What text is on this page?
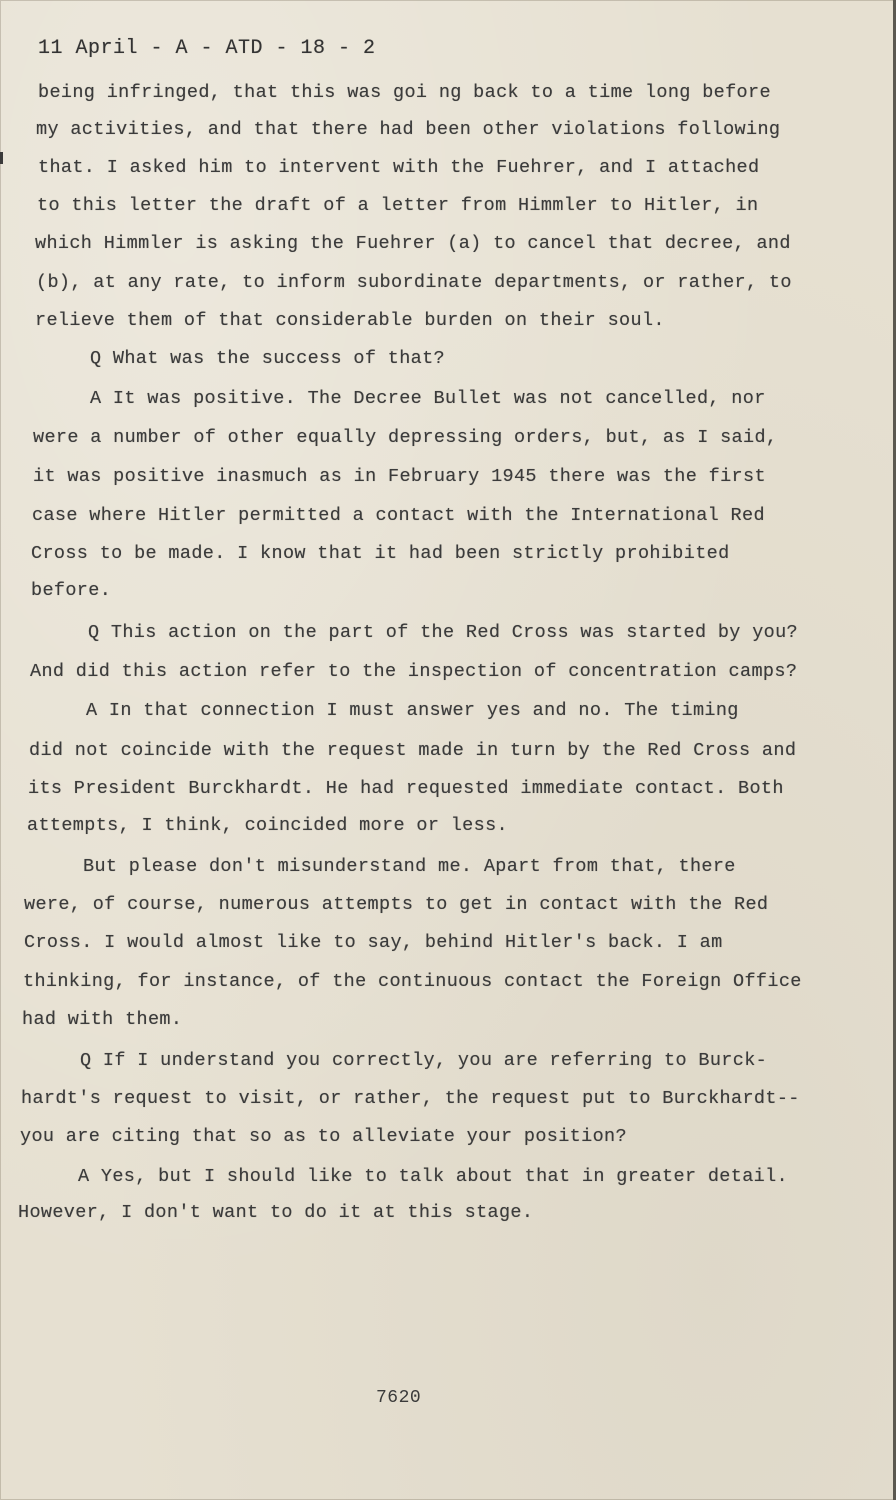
11 April - A - ATD - 18 - 2
being infringed, that this was goi ng back to a time long before
my activities, and that there had been other violations following
that. I asked him to intervent with the Fuehrer, and I attached
to this letter the draft of a letter from Himmler to Hitler, in
which Himmler is asking the Fuehrer (a) to cancel that decree, and
(b), at any rate, to inform subordinate departments, or rather, to
relieve them of that considerable burden on their soul.
Q What was the success of that?
A It was positive. The Decree Bullet was not cancelled, nor
were a number of other equally depressing orders, but, as I said,
it was positive inasmuch as in February 1945 there was the first
case where Hitler permitted a contact with the International Red
Cross to be made. I know that it had been strictly prohibited
before.
Q This action on the part of the Red Cross was started by you?
And did this action refer to the inspection of concentration camps?
A In that connection I must answer yes and no. The timing
did not coincide with the request made in turn by the Red Cross and
its President Burckhardt. He had requested immediate contact. Both
attempts, I think, coincided more or less.
But please don't misunderstand me. Apart from that, there
were, of course, numerous attempts to get in contact with the Red
Cross. I would almost like to say, behind Hitler's back. I am
thinking, for instance, of the continuous contact the Foreign Office
had with them.
Q If I understand you correctly, you are referring to Burck-
hardt's request to visit, or rather, the request put to Burckhardt--
you are citing that so as to alleviate your position?
A Yes, but I should like to talk about that in greater detail.
However, I don't want to do it at this stage.
7620
